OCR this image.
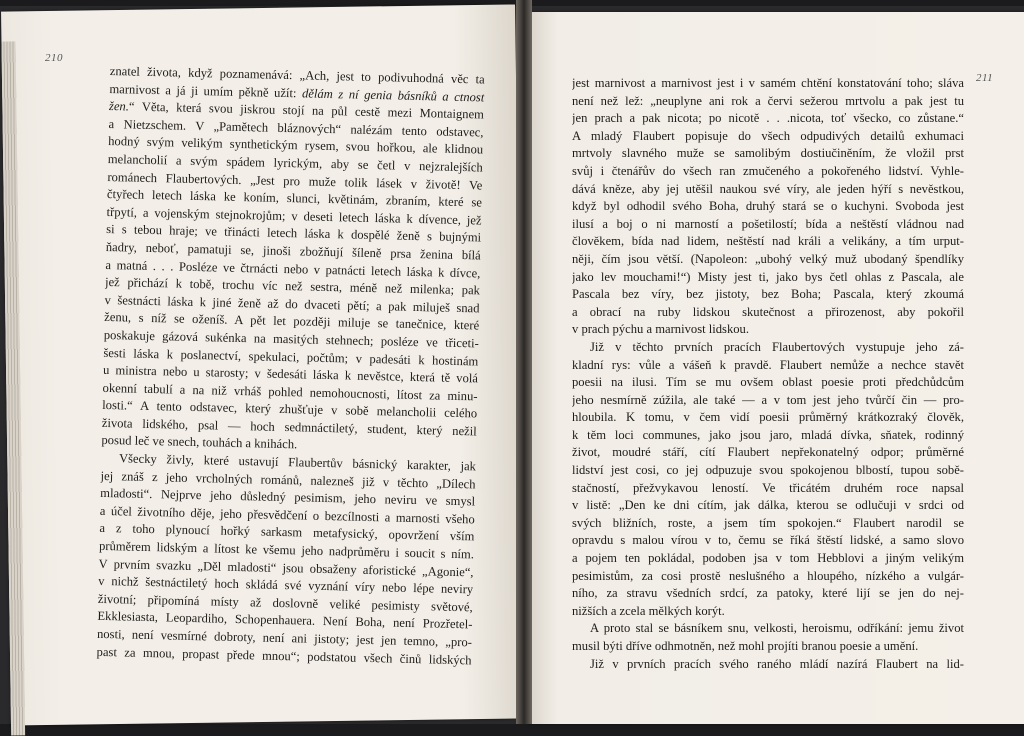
210
211
znatel života, když poznamenává: „Ach, jest to podivuhodná věc ta
marnivost a já ji umím pěkně užít: dělám z ní genia básníků a ctnost
žen.“ Věta, která svou jiskrou stojí na půl cestě mezi Montaignem
a Nietzschem. V „Pamětech bláznových“ nalézám tento odstavec,
hodný svým velikým synthetickým rysem, svou hořkou, ale klidnou
melancholií a svým spádem lyrickým, aby se četl v nejzralejších
románech Flaubertových. „Jest pro muže tolik lásek v životě! Ve
čtyřech letech láska ke koním, slunci, květinám, zbraním, které se
třpytí, a vojenským stejnokrojům; v deseti letech láska k dívence, jež
si s tebou hraje; ve třinácti letech láska k dospělé ženě s bujnými
ňadry, neboť, pamatuji se, jinoši zbožňují šíleně prsa ženina bílá
a matná . . . Posléze ve čtrnácti nebo v patnácti letech láska k dívce,
jež přichází k tobě, trochu víc než sestra, méně než milenka; pak
v šestnácti láska k jiné ženě až do dvaceti pětí; a pak miluješ snad
ženu, s níž se oženíš. A pět let později miluje se tanečnice, které
poskakuje gázová sukénka na masitých stehnech; posléze ve třiceti-
šesti láska k poslanectví, spekulaci, počtům; v padesáti k hostinám
u ministra nebo u starosty; v šedesáti láska k nevěstce, která tě volá
okenní tabulí a na niž vrháš pohled nemohoucnosti, lítost za minu-
losti.“ A tento odstavec, který zhušťuje v sobě melancholii celého
života lidského, psal — hoch sedmnáctiletý, student, který nežil
posud leč ve snech, touhách a knihách.
Všecky živly, které ustavují Flaubertův básnický karakter, jak
jej znáš z jeho vrcholných románů, nalezneš již v těchto „Dílech
mladosti“. Nejprve jeho důsledný pesimism, jeho neviru ve smysl
a účel životního děje, jeho přesvědčení o bezcílnosti a marnosti všeho
a z toho plynoucí hořký sarkasm metafysický, opovržení vším
průměrem lidským a lítost ke všemu jeho nadprůměru i soucit s ním.
V prvním svazku „Děl mladosti“ jsou obsaženy aforistické „Agonie“,
v nichž šestnáctiletý hoch skládá své vyznání víry nebo lépe neviry
životní; připomíná místy až doslovně veliké pesimisty světové,
Ekklesiasta, Leopardiho, Schopenhauera. Není Boha, není Prozřetel-
nosti, není vesmírné dobroty, není ani jistoty; jest jen temno, „pro-
past za mnou, propast přede mnou“; podstatou všech činů lidských
jest marnivost a marnivost jest i v samém chtění konstatování toho; sláva
není než lež: „neuplyne ani rok a červi sežerou mrtvolu a pak jest tu
jen prach a pak nicota; po nicotě . . .nicota, toť všecko, co zůstane.“
A mladý Flaubert popisuje do všech odpudivých detailů exhumaci
mrtvoly slavného muže se samolibým dostiučiněním, že vložil prst
svůj i čtenářův do všech ran zmučeného a pokořeného lidství. Vyhle-
dává kněze, aby jej utěšil naukou své víry, ale jeden hýří s nevěstkou,
když byl odhodil svého Boha, druhý stará se o kuchyni. Svoboda jest
ilusí a boj o ni marností a pošetilostí; bída a neštěstí vládnou nad
člověkem, bída nad lidem, neštěstí nad králi a velikány, a tím urput-
něji, čím jsou větší. (Napoleon: „ubohý velký muž ubodaný špendlíky
jako lev mouchami!“) Misty jest ti, jako bys četl ohlas z Pascala, ale
Pascala bez víry, bez jistoty, bez Boha; Pascala, který zkoumá
a obrací na ruby lidskou skutečnost a přirozenost, aby pokořil
v prach pýchu a marnivost lidskou.
Již v těchto prvních pracích Flaubertových vystupuje jeho zá-
kladní rys: vůle a vášeň k pravdě. Flaubert nemůže a nechce stavět
poesii na ilusi. Tím se mu ovšem oblast poesie proti předchůdcům
jeho nesmírně zúžila, ale také — a v tom jest jeho tvůrčí čin — pro-
hloubila. K tomu, v čem vidí poesii průměrný krátkozraký člověk,
k těm loci communes, jako jsou jaro, mladá dívka, sňatek, rodinný
život, moudré stáří, cítí Flaubert nepřekonatelný odpor; průměrné
lidství jest cosi, co jej odpuzuje svou spokojenou blbostí, tupou sobě-
stačností, přežvykavou leností. Ve třicátém druhém roce napsal
v listě: „Den ke dni cítím, jak dálka, kterou se odlučuji v srdci od
svých bližních, roste, a jsem tím spokojen.“ Flaubert narodil se
opravdu s malou vírou v to, čemu se říká štěstí lidské, a samo slovo
a pojem ten pokládal, podoben jsa v tom Hebblovi a jiným velikým
pesimistům, za cosi prostě neslušného a hloupého, nízkého a vulgár-
ního, za stravu všedních srdcí, za patoky, které lijí se jen do nej-
nižších a zcela mělkých korýt.
A proto stal se básníkem snu, velkosti, heroismu, odříkání: jemu život
musil býti dříve odhmotněn, než mohl projíti branou poesie a umění.
Již v prvních pracích svého raného mládí nazírá Flaubert na lid-
